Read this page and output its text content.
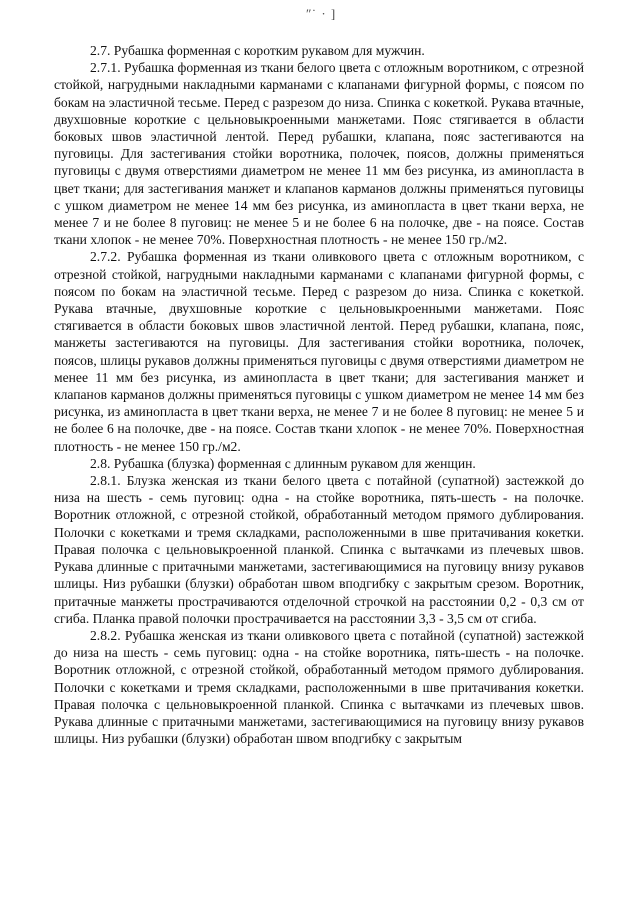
ʺ˙ · ]

2.7. Рубашка форменная с коротким рукавом для мужчин.

2.7.1. Рубашка форменная из ткани белого цвета с отложным воротником, с отрезной стойкой, нагрудными накладными карманами с клапанами фигурной формы, с поясом по бокам на эластичной тесьме. Перед с разрезом до низа. Спинка с кокеткой. Рукава втачные, двухшовные короткие с цельновыкроенными манжетами. Пояс стягивается в области боковых швов эластичной лентой. Перед рубашки, клапана, пояс застегиваются на пуговицы. Для застегивания стойки воротника, полочек, поясов, должны применяться пуговицы с двумя отверстиями диаметром не менее 11 мм без рисунка, из аминопласта в цвет ткани; для застегивания манжет и клапанов карманов должны применяться пуговицы с ушком диаметром не менее 14 мм без рисунка, из аминопласта в цвет ткани верха, не менее 7 и не более 8 пуговиц: не менее 5 и не более 6 на полочке, две - на поясе. Состав ткани хлопок - не менее 70%. Поверхностная плотность - не менее 150 гр./м2.

2.7.2. Рубашка форменная из ткани оливкового цвета с отложным воротником, с отрезной стойкой, нагрудными накладными карманами с клапанами фигурной формы, с поясом по бокам на эластичной тесьме. Перед с разрезом до низа. Спинка с кокеткой. Рукава втачные, двухшовные короткие с цельновыкроенными манжетами. Пояс стягивается в области боковых швов эластичной лентой. Перед рубашки, клапана, пояс, манжеты застегиваются на пуговицы. Для застегивания стойки воротника, полочек, поясов, шлицы рукавов должны применяться пуговицы с двумя отверстиями диаметром не менее 11 мм без рисунка, из аминопласта в цвет ткани; для застегивания манжет и клапанов карманов должны применяться пуговицы с ушком диаметром не менее 14 мм без рисунка, из аминопласта в цвет ткани верха, не менее 7 и не более 8 пуговиц: не менее 5 и не более 6 на полочке, две - на поясе. Состав ткани хлопок - не менее 70%. Поверхностная плотность - не менее 150 гр./м2.

2.8. Рубашка (блузка) форменная с длинным рукавом для женщин.

2.8.1. Блузка женская из ткани белого цвета с потайной (супатной) застежкой до низа на шесть - семь пуговиц: одна - на стойке воротника, пять-шесть - на полочке. Воротник отложной, с отрезной стойкой, обработанный методом прямого дублирования. Полочки с кокетками и тремя складками, расположенными в шве притачивания кокетки. Правая полочка с цельновыкроенной планкой. Спинка с вытачками из плечевых швов. Рукава длинные с притачными манжетами, застегивающимися на пуговицу внизу рукавов шлицы. Низ рубашки (блузки) обработан швом вподгибку с закрытым срезом. Воротник, притачные манжеты прострачиваются отделочной строчкой на расстоянии 0,2 - 0,3 см от сгиба. Планка правой полочки прострачивается на расстоянии 3,3 - 3,5 см от сгиба.

2.8.2. Рубашка женская из ткани оливкового цвета с потайной (супатной) застежкой до низа на шесть - семь пуговиц: одна - на стойке воротника, пять-шесть - на полочке. Воротник отложной, с отрезной стойкой, обработанный методом прямого дублирования. Полочки с кокетками и тремя складками, расположенными в шве притачивания кокетки. Правая полочка с цельновыкроенной планкой. Спинка с вытачками из плечевых швов. Рукава длинные с притачными манжетами, застегивающимися на пуговицу внизу рукавов шлицы. Низ рубашки (блузки) обработан швом вподгибку с закрытым
